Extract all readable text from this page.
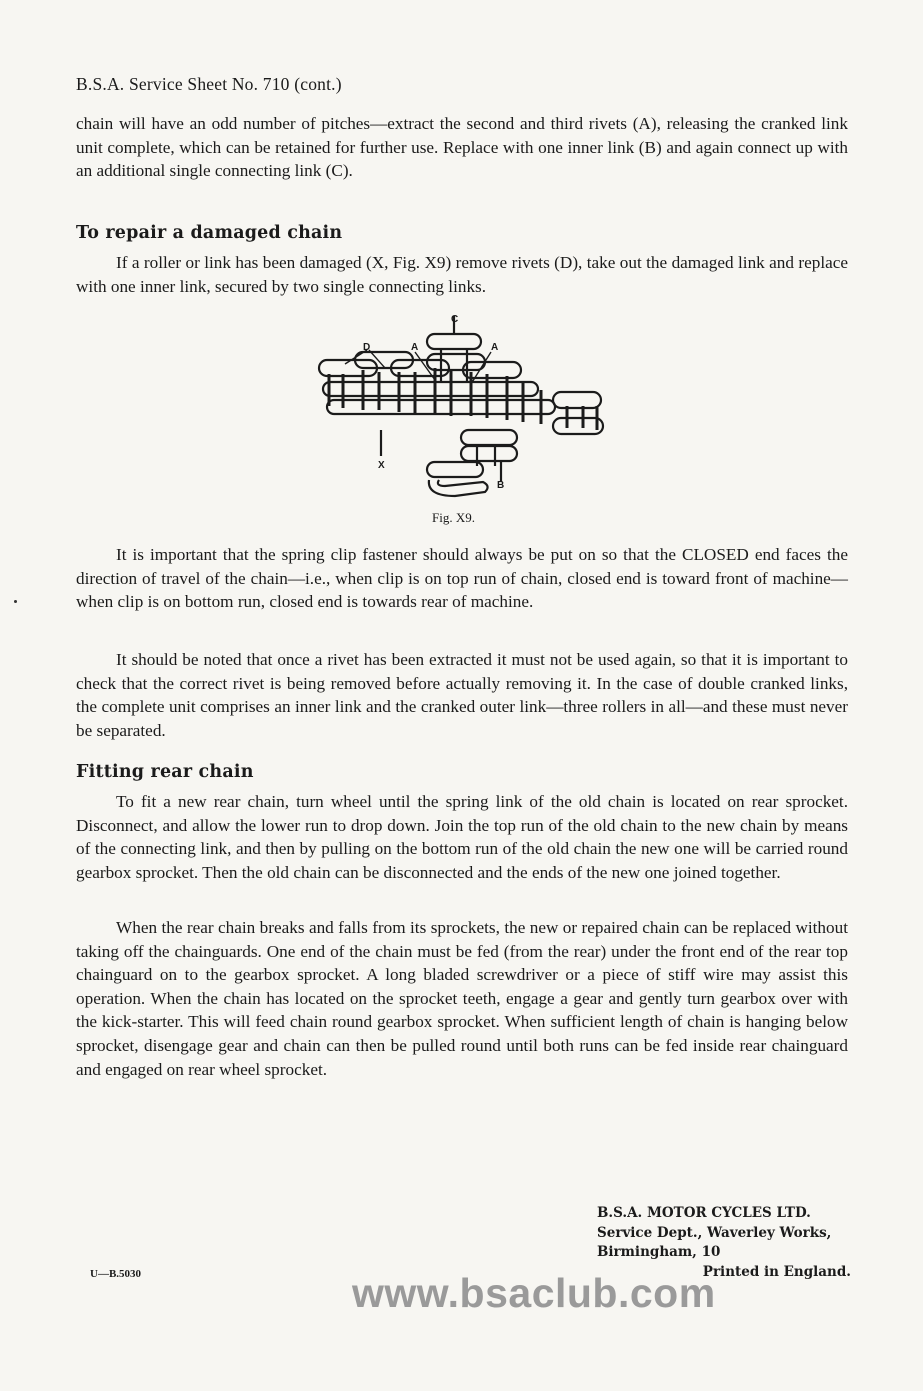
B.S.A. Service Sheet No. 710 (cont.)

chain will have an odd number of pitches—extract the second and third rivets (A), releasing the cranked link unit complete, which can be retained for further use. Replace with one inner link (B) and again connect up with an additional single connecting link (C).

To repair a damaged chain

If a roller or link has been damaged (X, Fig. X9) remove rivets (D), take out the damaged link and replace with one inner link, secured by two single connecting links.

C
D	A	A
X
B
Fig. X9.

It is important that the spring clip fastener should always be put on so that the CLOSED end faces the direction of travel of the chain—i.e., when clip is on top run of chain, closed end is toward front of machine—when clip is on bottom run, closed end is towards rear of machine.

It should be noted that once a rivet has been extracted it must not be used again, so that it is important to check that the correct rivet is being removed before actually removing it. In the case of double cranked links, the complete unit comprises an inner link and the cranked outer link—three rollers in all—and these must never be separated.

Fitting rear chain

To fit a new rear chain, turn wheel until the spring link of the old chain is located on rear sprocket. Disconnect, and allow the lower run to drop down. Join the top run of the old chain to the new chain by means of the connecting link, and then by pulling on the bottom run of the old chain the new one will be carried round gearbox sprocket. Then the old chain can be disconnected and the ends of the new one joined together.

When the rear chain breaks and falls from its sprockets, the new or repaired chain can be replaced without taking off the chainguards. One end of the chain must be fed (from the rear) under the front end of the rear top chainguard on to the gearbox sprocket. A long bladed screwdriver or a piece of stiff wire may assist this operation. When the chain has located on the sprocket teeth, engage a gear and gently turn gearbox over with the kick-starter. This will feed chain round gearbox sprocket. When sufficient length of chain is hanging below sprocket, disengage gear and chain can then be pulled round until both runs can be fed inside rear chainguard and engaged on rear wheel sprocket.

B.S.A. MOTOR CYCLES LTD.
Service Dept., Waverley Works,
Birmingham, 10
Printed in England.
U—B.5030	www.bsaclub.com
